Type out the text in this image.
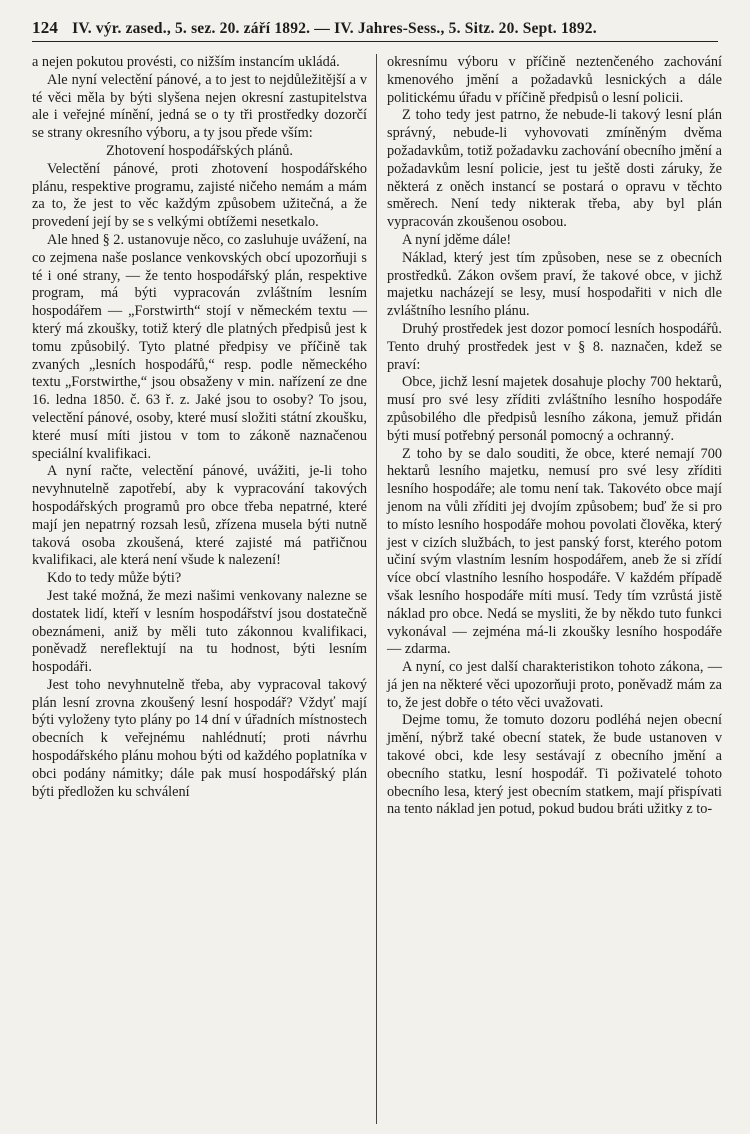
124 IV. výr. zased., 5. sez. 20. září 1892. — IV. Jahres-Sess., 5. Sitz. 20. Sept. 1892.

a nejen pokutou provésti, co nižším instancím ukládá.

Ale nyní velectění pánové, a to jest to nejdůležitější a v té věci měla by býti slyšena nejen okresní zastupitelstva ale i veřejné mínění, jedná se o ty tři prostředky dozorčí se strany okresního výboru, a ty jsou předе vším:

Zhotovení hospodářských plánů.

Velectění pánové, proti zhotovení hospodářského plánu, respektive programu, zajisté ničeho nemám a mám za to, že jest to věc každým způsobem užitečná, a že provedení její by se s velkými obtížemi nesetkalo.

Ale hned § 2. ustanovuje něco, co zasluhuje uvážení, na co zejmena naše poslance venkovských obcí upozorňuji s té i oné strany, — že tento hospodářský plán, respektive program, má býti vypracován zvláštním lesním hospodářem — „Forstwirth“ stojí v německém textu — který má zkoušky, totiž který dle platných předpisů jest k tomu způsobilý. Tyto platné předpisy ve příčině tak zvaných „lesních hospodářů,“ resp. podle německého textu „Forstwirthe,“ jsou obsaženy v min. nařízení ze dne 16. ledna 1850. č. 63 ř. z. Jaké jsou to osoby? To jsou, velectění pánové, osoby, které musí složiti státní zkoušku, které musí míti jistou v tom to zákoně naznačenou speciální kvalifikaci.

A nyní račte, velectění pánové, uvážiti, je-li toho nevyhnutelně zapotřebí, aby k vypracování takových hospodářských programů pro obce třeba nepatrné, které mají jen nepatrný rozsah lesů, zřízena musela býti nutně taková osoba zkoušená, které zajisté má patřičnou kvalifikaci, ale která není všude k nalezení!

Kdo to tedy může býti?

Jest také možná, že mezi našimi venkovany nalezne se dostatek lidí, kteří v lesním hospodářství jsou dostatečně obeznámeni, aniž by měli tuto zákonnou kvalifikaci, poněvadž nereflektují na tu hodnost, býti lesním hospodáři.

Jest toho nevyhnutelně třeba, aby vypracoval takový plán lesní zrovna zkoušený lesní hospodář? Vždyť mají býti vyloženy tyto plány po 14 dní v úřadních místnostech obecních k veřejnému nahlédnutí; proti návrhu hospodářského plánu mohou býti od každého poplatníka v obci podány námitky; dále pak musí hospodářský plán býti předložen ku schválení

okresnímu výboru v příčině neztenčeného zachování kmenového jmění a požadavků lesnických a dále politickému úřadu v příčině předpisů o lesní policii.

Z toho tedy jest patrno, že nebude-li takový lesní plán správný, nebude-li vyhovovati zmíněným dvěma požadavkům, totiž požadavku zachování obecního jmění a požadavkům lesní policie, jest tu ještě dosti záruky, že některá z oněch instancí se postará o opravu v těchto směrech. Není tedy nikterak třeba, aby byl plán vypracován zkoušenou osobou.

A nyní jděme dále!

Náklad, který jest tím způsoben, nese se z obecních prostředků. Zákon ovšem praví, že takové obce, v jichž majetku nacházejí se lesy, musí hospodařiti v nich dle zvláštního lesního plánu.

Druhý prostředek jest dozor pomocí lesních hospodářů. Tento druhý prostředek jest v § 8. naznačen, kdež se praví:

Obce, jichž lesní majetek dosahuje plochy 700 hektarů, musí pro své lesy zříditi zvláštního lesního hospodáře způsobilého dle předpisů lesního zákona, jemuž přidán býti musí potřebný personál pomocný a ochranný.

Z toho by se dalo souditi, že obce, které nemají 700 hektarů lesního majetku, nemusí pro své lesy zříditi lesního hospodáře; ale tomu není tak. Takovéto obce mají jenom na vůli zříditi jej dvojím způsobem; buď že si pro to místo lesního hospodáře mohou povolati člověka, který jest v cizích službách, to jest panský forst, kterého potom učiní svým vlastním lesním hospodářem, aneb že si zřídí více obcí vlastního lesního hospodáře. V každém případě však lesního hospodáře míti musí. Tedy tím vzrůstá jistě náklad pro obce. Nedá se mysliti, že by někdo tuto funkci vykonával — zejména má-li zkoušky lesního hospodáře — zdarma.

A nyní, co jest další charakteristikon tohoto zákona, — já jen na některé věci upozorňuji proto, poněvadž mám za to, že jest dobře o této věci uvažovati.

Dejme tomu, že tomuto dozoru podléhá nejen obecní jmění, nýbrž také obecní statek, že bude ustanoven v takové obci, kde lesy sestávají z obecního jmění a obecního statku, lesní hospodář. Ti poživatelé tohoto obecního lesa, který jest obecním statkem, mají přispívati na tento náklad jen potud, pokud budou bráti užitky z to-
